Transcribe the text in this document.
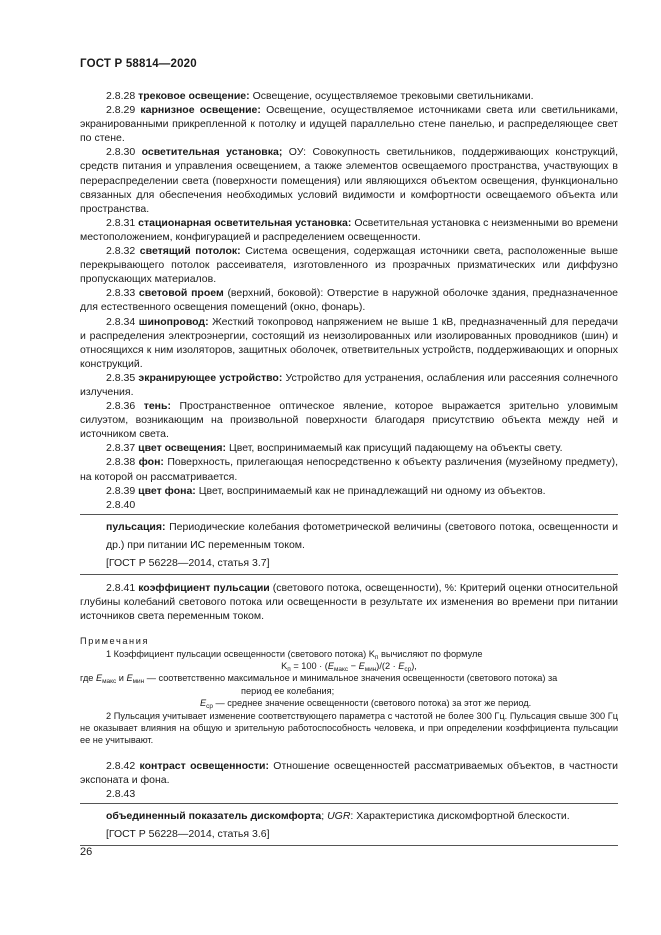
ГОСТ Р 58814—2020

2.8.28 трековое освещение: Освещение, осуществляемое трековыми светильниками.

2.8.29 карнизное освещение: Освещение, осуществляемое источниками света или светильниками, экранированными прикрепленной к потолку и идущей параллельно стене панелью, и распределяющее свет по стене.

2.8.30 осветительная установка; ОУ: Совокупность светильников, поддерживающих конструкций, средств питания и управления освещением, а также элементов освещаемого пространства, участвующих в перераспределении света (поверхности помещения) или являющихся объектом освещения, функционально связанных для обеспечения необходимых условий видимости и комфортности освещаемого объекта или пространства.

2.8.31 стационарная осветительная установка: Осветительная установка с неизменными во времени местоположением, конфигурацией и распределением освещенности.

2.8.32 светящий потолок: Система освещения, содержащая источники света, расположенные выше перекрывающего потолок рассеивателя, изготовленного из прозрачных призматических или диффузно пропускающих материалов.

2.8.33 световой проем (верхний, боковой): Отверстие в наружной оболочке здания, предназначенное для естественного освещения помещений (окно, фонарь).

2.8.34 шинопровод: Жесткий токопровод напряжением не выше 1 кВ, предназначенный для передачи и распределения электроэнергии, состоящий из неизолированных или изолированных проводников (шин) и относящихся к ним изоляторов, защитных оболочек, ответвительных устройств, поддерживающих и опорных конструкций.

2.8.35 экранирующее устройство: Устройство для устранения, ослабления или рассеяния солнечного излучения.

2.8.36 тень: Пространственное оптическое явление, которое выражается зрительно уловимым силуэтом, возникающим на произвольной поверхности благодаря присутствию объекта между ней и источником света.

2.8.37 цвет освещения: Цвет, воспринимаемый как присущий падающему на объекты свету.

2.8.38 фон: Поверхность, прилегающая непосредственно к объекту различения (музейному предмету), на которой он рассматривается.

2.8.39 цвет фона: Цвет, воспринимаемый как не принадлежащий ни одному из объектов.

2.8.40

пульсация: Периодические колебания фотометрической величины (светового потока, освещенности и др.) при питании ИС переменным током.

[ГОСТ Р 56228—2014, статья 3.7]

2.8.41 коэффициент пульсации (светового потока, освещенности), %: Критерий оценки относительной глубины колебаний светового потока или освещенности в результате их изменения во времени при питании источников света переменным током.

Примечания

1 Коэффициент пульсации освещенности (светового потока) $K_п$ вычисляют по формуле

$K_п = 100 \cdot (E_{макс} - E_{мин})/(2 \cdot E_{ср})$,

где $E_{макс}$ и $E_{мин}$ — соответственно максимальное и минимальное значения освещенности (светового потока) за

период ее колебания;

$E_{ср}$ — среднее значение освещенности (светового потока) за этот же период.

2 Пульсация учитывает изменение соответствующего параметра с частотой не более 300 Гц. Пульсация свыше 300 Гц не оказывает влияния на общую и зрительную работоспособность человека, и при определении коэффициента пульсации ее не учитывают.

2.8.42 контраст освещенности: Отношение освещенностей рассматриваемых объектов, в частности экспоната и фона.

2.8.43

объединенный показатель дискомфорта; UGR: Характеристика дискомфортной блескости.

[ГОСТ Р 56228—2014, статья 3.6]

26
